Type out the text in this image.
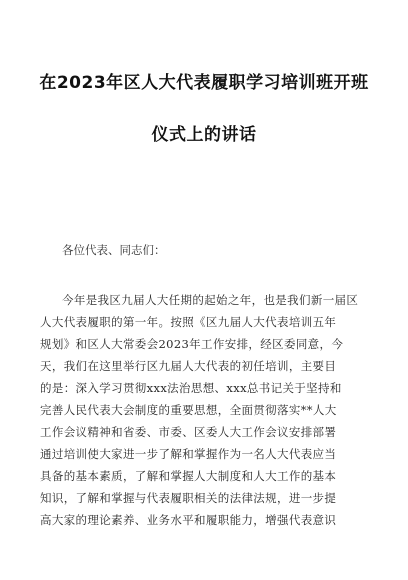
在2023年区人大代表履职学习培训班开班
仪式上的讲话

各位代表、同志们：

今年是我区九届人大任期的起始之年，也是我们新一届区

人大代表履职的第一年。按照《区九届人大代表培训五年

规划》和区人大常委会2023年工作安排，经区委同意，今

天，我们在这里举行区九届人大代表的初任培训，主要目

的是：深入学习贯彻xxx法治思想、xxx总书记关于坚持和

完善人民代表大会制度的重要思想，全面贯彻落实**人大

工作会议精神和省委、市委、区委人大工作会议安排部署

通过培训使大家进一步了解和掌握作为一名人大代表应当

具备的基本素质，了解和掌握人大制度和人大工作的基本

知识，了解和掌握与代表履职相关的法律法规，进一步提

高大家的理论素养、业务水平和履职能力，增强代表意识
